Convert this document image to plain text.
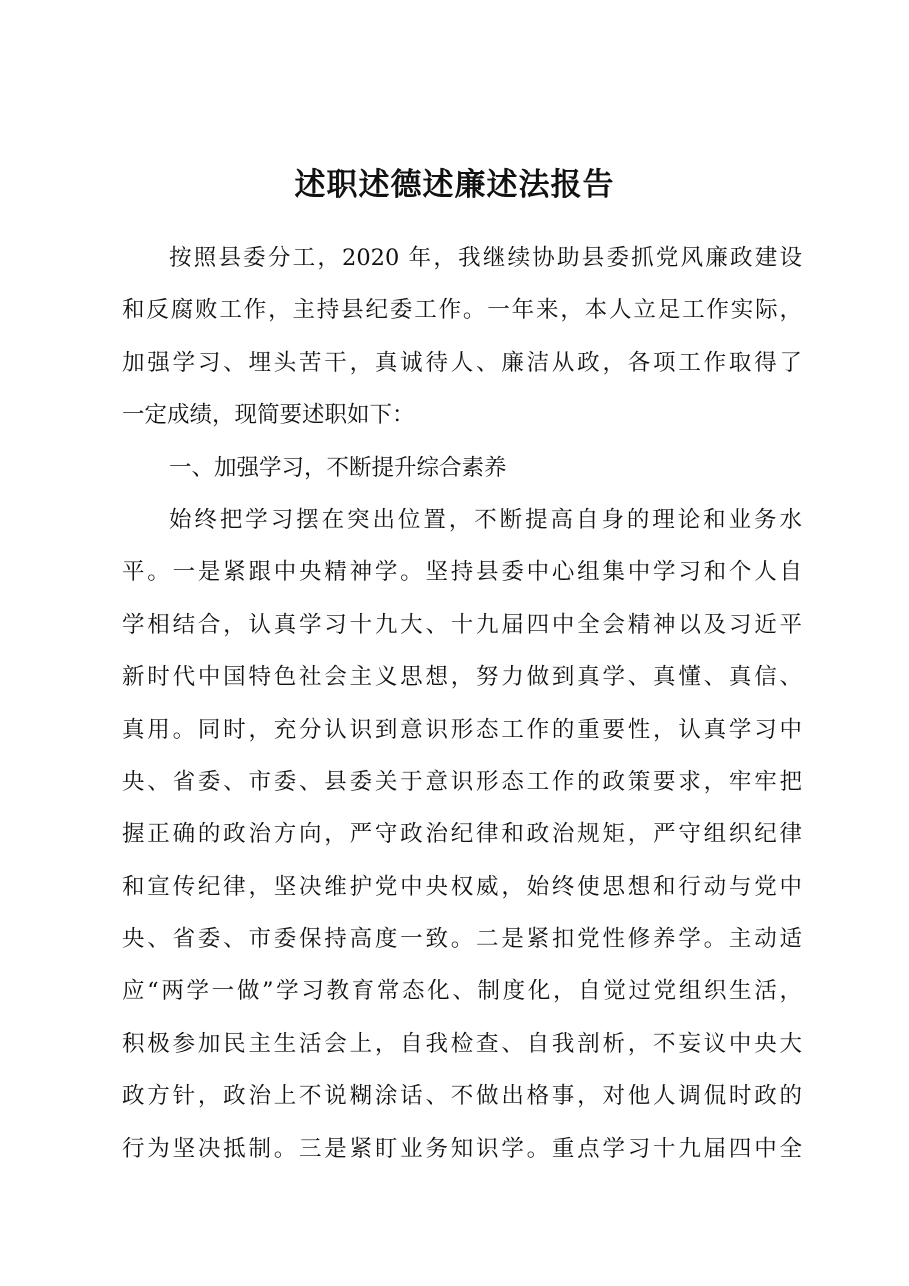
述职述德述廉述法报告
按照县委分工，2020 年，我继续协助县委抓党风廉政建设
和反腐败工作，主持县纪委工作。一年来，本人立足工作实际，
加强学习、埋头苦干，真诚待人、廉洁从政，各项工作取得了
一定成绩，现简要述职如下：
一、加强学习，不断提升综合素养
始终把学习摆在突出位置，不断提高自身的理论和业务水
平。一是紧跟中央精神学。坚持县委中心组集中学习和个人自
学相结合，认真学习十九大、十九届四中全会精神以及习近平
新时代中国特色社会主义思想，努力做到真学、真懂、真信、
真用。同时，充分认识到意识形态工作的重要性，认真学习中
央、省委、市委、县委关于意识形态工作的政策要求，牢牢把
握正确的政治方向，严守政治纪律和政治规矩，严守组织纪律
和宣传纪律，坚决维护党中央权威，始终使思想和行动与党中
央、省委、市委保持高度一致。二是紧扣党性修养学。主动适
应“两学一做”学习教育常态化、制度化，自觉过党组织生活，
积极参加民主生活会上，自我检查、自我剖析，不妄议中央大
政方针，政治上不说糊涂话、不做出格事，对他人调侃时政的
行为坚决抵制。三是紧盯业务知识学。重点学习十九届四中全
